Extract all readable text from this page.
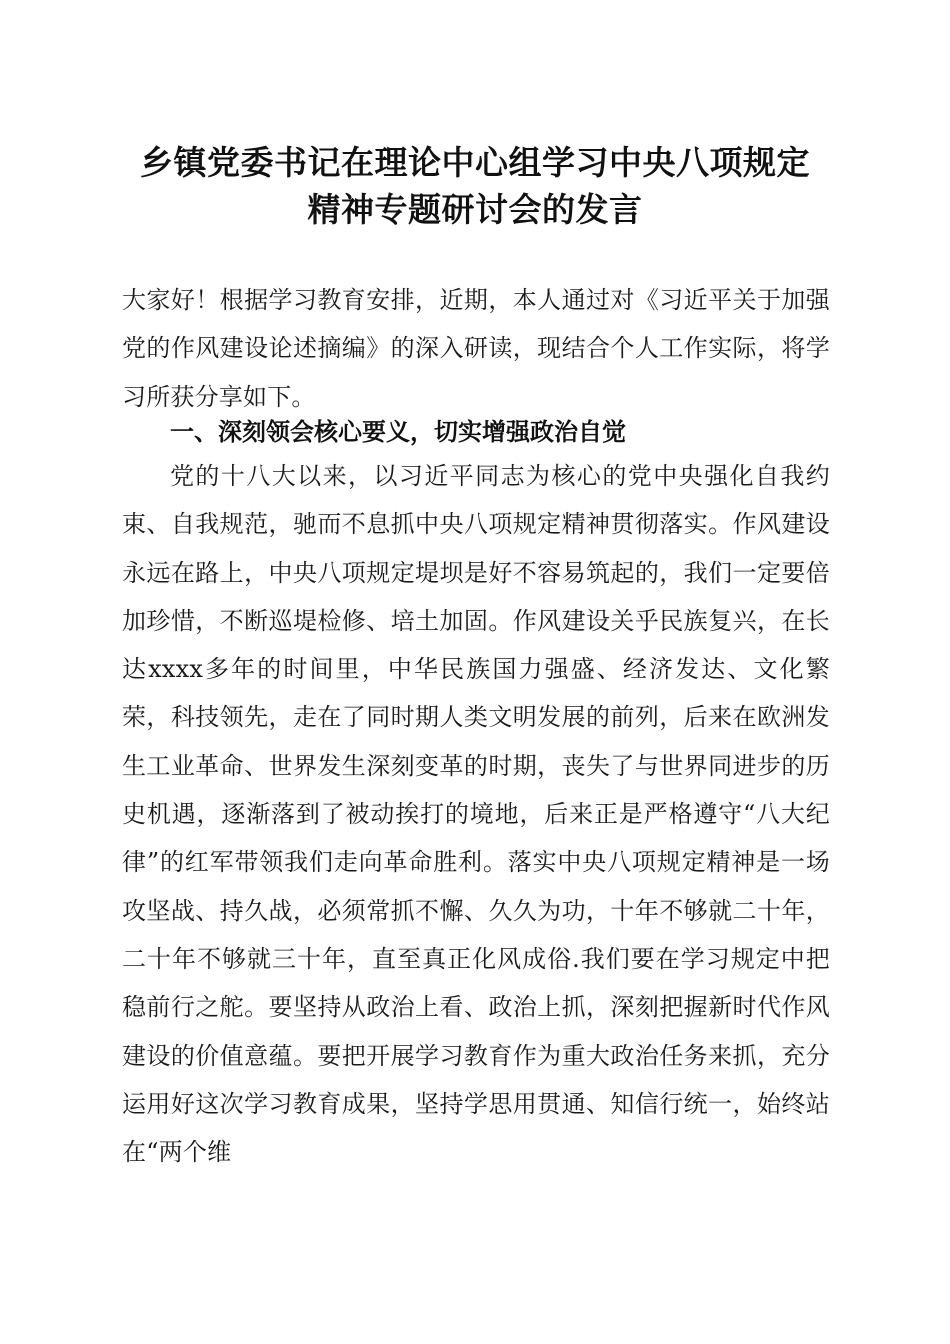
乡镇党委书记在理论中心组学习中央八项规定
精神专题研讨会的发言

大家好！根据学习教育安排，近期，本人通过对《习近平关于加强党的作风建设论述摘编》的深入研读，现结合个人工作实际，将学习所获分享如下。

一、深刻领会核心要义，切实增强政治自觉

党的十八大以来，以习近平同志为核心的党中央强化自我约束、自我规范，驰而不息抓中央八项规定精神贯彻落实。作风建设永远在路上，中央八项规定堤坝是好不容易筑起的，我们一定要倍加珍惜，不断巡堤检修、培土加固。作风建设关乎民族复兴，在长达xxxx多年的时间里，中华民族国力强盛、经济发达、文化繁荣，科技领先，走在了同时期人类文明发展的前列，后来在欧洲发生工业革命、世界发生深刻变革的时期，丧失了与世界同进步的历史机遇，逐渐落到了被动挨打的境地，后来正是严格遵守“八大纪律”的红军带领我们走向革命胜利。落实中央八项规定精神是一场攻坚战、持久战，必须常抓不懈、久久为功，十年不够就二十年，二十年不够就三十年，直至真正化风成俗.我们要在学习规定中把稳前行之舵。要坚持从政治上看、政治上抓，深刻把握新时代作风建设的价值意蕴。要把开展学习教育作为重大政治任务来抓，充分运用好这次学习教育成果，坚持学思用贯通、知信行统一，始终站在“两个维
